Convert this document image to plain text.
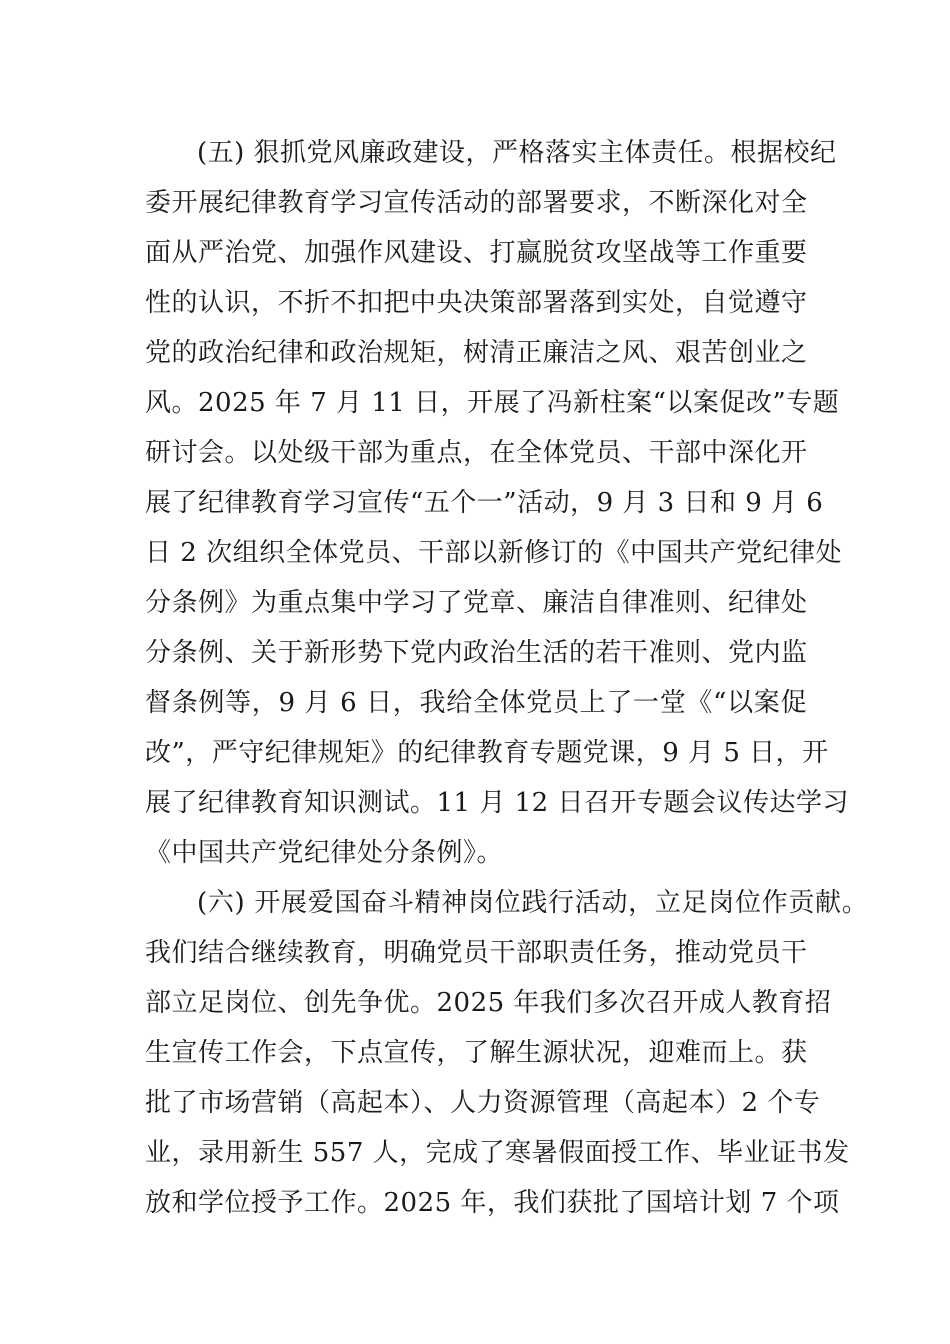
(五) 狠抓党风廉政建设，严格落实主体责任。根据校纪
委开展纪律教育学习宣传活动的部署要求，不断深化对全
面从严治党、加强作风建设、打赢脱贫攻坚战等工作重要
性的认识，不折不扣把中央决策部署落到实处，自觉遵守
党的政治纪律和政治规矩，树清正廉洁之风、艰苦创业之
风。2025 年 7 月 11 日，开展了冯新柱案“以案促改”专题
研讨会。以处级干部为重点，在全体党员、干部中深化开
展了纪律教育学习宣传“五个一”活动，9 月 3 日和 9 月 6
日 2 次组织全体党员、干部以新修订的《中国共产党纪律处
分条例》为重点集中学习了党章、廉洁自律准则、纪律处
分条例、关于新形势下党内政治生活的若干准则、党内监
督条例等，9 月 6 日，我给全体党员上了一堂《“以案促
改”，严守纪律规矩》的纪律教育专题党课，9 月 5 日，开
展了纪律教育知识测试。11 月 12 日召开专题会议传达学习
《中国共产党纪律处分条例》。
(六) 开展爱国奋斗精神岗位践行活动，立足岗位作贡献。
我们结合继续教育，明确党员干部职责任务，推动党员干
部立足岗位、创先争优。2025 年我们多次召开成人教育招
生宣传工作会，下点宣传，了解生源状况，迎难而上。获
批了市场营销（高起本）、人力资源管理（高起本）2 个专
业，录用新生 557 人，完成了寒暑假面授工作、毕业证书发
放和学位授予工作。2025 年，我们获批了国培计划 7 个项
